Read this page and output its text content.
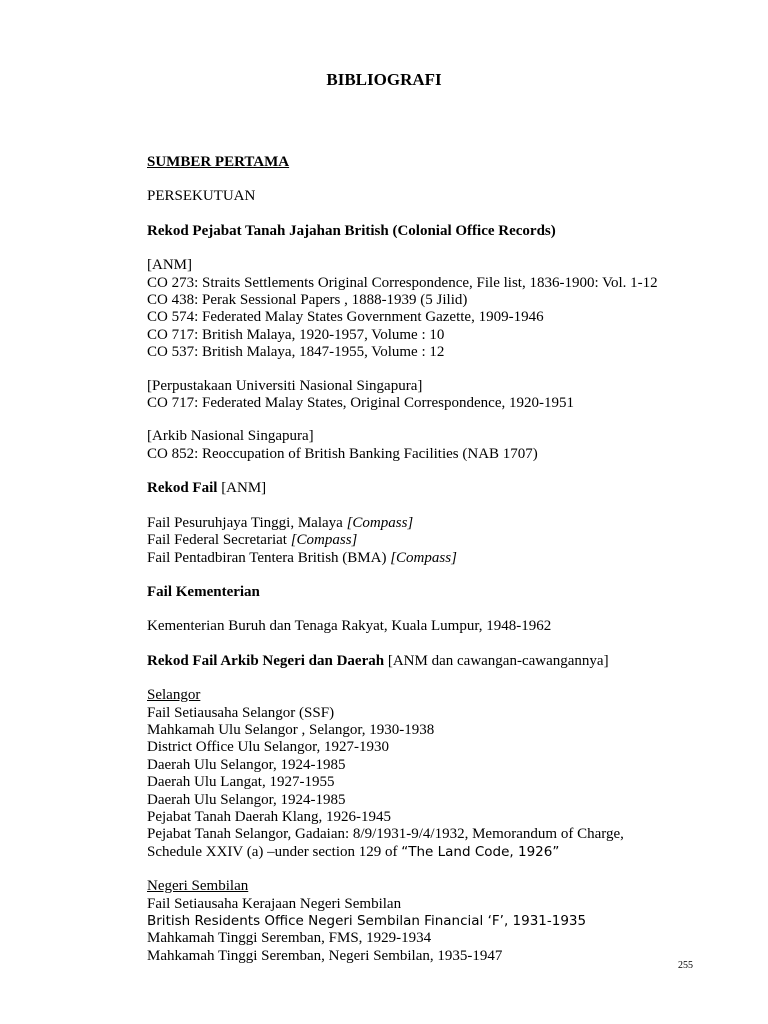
BIBLIOGRAFI
SUMBER PERTAMA
PERSEKUTUAN
Rekod Pejabat Tanah Jajahan British (Colonial Office Records)
[ANM]
CO 273: Straits Settlements Original Correspondence, File list, 1836-1900: Vol. 1-12
CO 438: Perak Sessional Papers , 1888-1939 (5 Jilid)
CO 574: Federated Malay States Government Gazette, 1909-1946
CO 717: British Malaya, 1920-1957, Volume : 10
CO 537: British Malaya, 1847-1955, Volume : 12
[Perpustakaan Universiti Nasional Singapura]
CO 717: Federated Malay States, Original Correspondence, 1920-1951
[Arkib Nasional Singapura]
CO 852: Reoccupation of British Banking Facilities (NAB 1707)
Rekod Fail [ANM]
Fail Pesuruhjaya Tinggi, Malaya [Compass]
Fail Federal Secretariat [Compass]
Fail Pentadbiran Tentera British (BMA) [Compass]
Fail Kementerian
Kementerian Buruh dan Tenaga Rakyat, Kuala Lumpur, 1948-1962
Rekod Fail Arkib Negeri dan Daerah [ANM dan cawangan-cawangannya]
Selangor
Fail Setiausaha Selangor (SSF)
Mahkamah Ulu Selangor , Selangor, 1930-1938
District Office Ulu Selangor, 1927-1930
Daerah Ulu Selangor, 1924-1985
Daerah Ulu Langat, 1927-1955
Daerah Ulu Selangor, 1924-1985
Pejabat Tanah Daerah Klang, 1926-1945
Pejabat Tanah Selangor, Gadaian: 8/9/1931-9/4/1932, Memorandum of Charge,
Schedule XXIV (a) –under section 129 of “The Land Code, 1926”
Negeri Sembilan
Fail Setiausaha Kerajaan Negeri Sembilan
British Residents Office Negeri Sembilan Financial ‘F’, 1931-1935
Mahkamah Tinggi Seremban, FMS, 1929-1934
Mahkamah Tinggi Seremban, Negeri Sembilan, 1935-1947
255
